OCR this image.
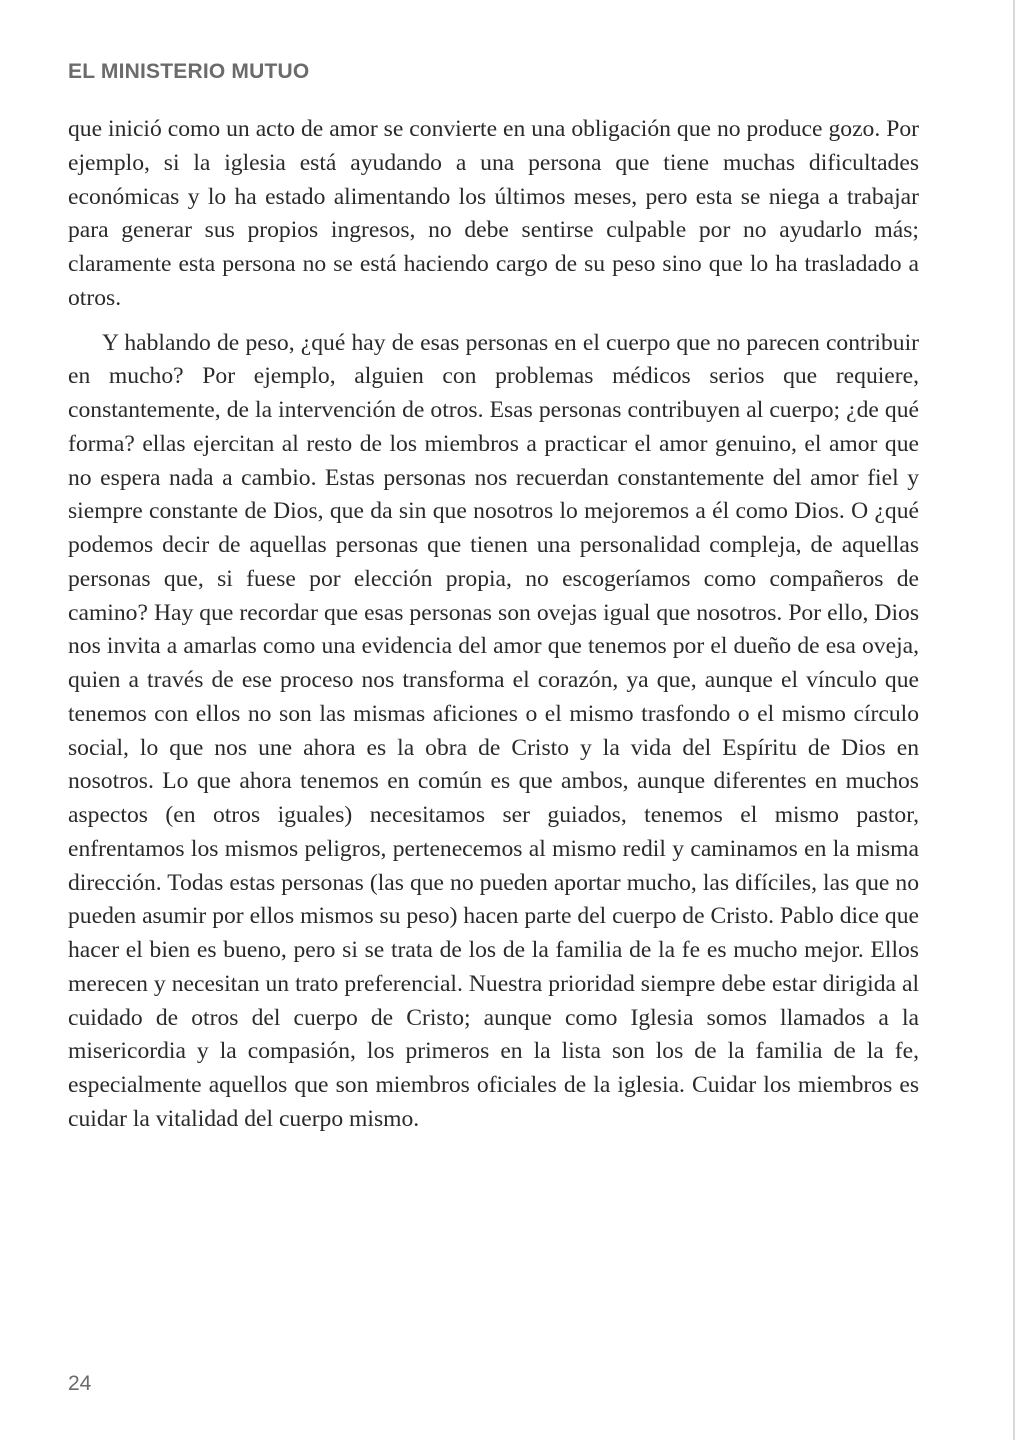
EL MINISTERIO MUTUO

que inició como un acto de amor se convierte en una obligación que no produce gozo. Por ejemplo, si la iglesia está ayudando a una persona que tiene muchas dificultades económicas y lo ha estado alimentando los últimos meses, pero esta se niega a trabajar para generar sus propios ingresos, no debe sentirse culpable por no ayudarlo más; claramente esta persona no se está haciendo cargo de su peso sino que lo ha trasladado a otros.

Y hablando de peso, ¿qué hay de esas personas en el cuerpo que no parecen contribuir en mucho? Por ejemplo, alguien con problemas médicos serios que requiere, constantemente, de la intervención de otros. Esas personas contribuyen al cuerpo; ¿de qué forma? ellas ejercitan al resto de los miembros a practicar el amor genuino, el amor que no espera nada a cambio. Estas personas nos recuerdan constantemente del amor fiel y siempre constante de Dios, que da sin que nosotros lo mejoremos a él como Dios. O ¿qué podemos decir de aquellas personas que tienen una personalidad compleja, de aquellas personas que, si fuese por elección propia, no escogeríamos como compañeros de camino? Hay que recordar que esas personas son ovejas igual que nosotros. Por ello, Dios nos invita a amarlas como una evidencia del amor que tenemos por el dueño de esa oveja, quien a través de ese proceso nos transforma el corazón, ya que, aunque el vínculo que tenemos con ellos no son las mismas aficiones o el mismo trasfondo o el mismo círculo social, lo que nos une ahora es la obra de Cristo y la vida del Espíritu de Dios en nosotros. Lo que ahora tenemos en común es que ambos, aunque diferentes en muchos aspectos (en otros iguales) necesitamos ser guiados, tenemos el mismo pastor, enfrentamos los mismos peligros, pertenecemos al mismo redil y caminamos en la misma dirección. Todas estas personas (las que no pueden aportar mucho, las difíciles, las que no pueden asumir por ellos mismos su peso) hacen parte del cuerpo de Cristo. Pablo dice que hacer el bien es bueno, pero si se trata de los de la familia de la fe es mucho mejor. Ellos merecen y necesitan un trato preferencial. Nuestra prioridad siempre debe estar dirigida al cuidado de otros del cuerpo de Cristo; aunque como Iglesia somos llamados a la misericordia y la compasión, los primeros en la lista son los de la familia de la fe, especialmente aquellos que son miembros oficiales de la iglesia. Cuidar los miembros es cuidar la vitalidad del cuerpo mismo.

24
